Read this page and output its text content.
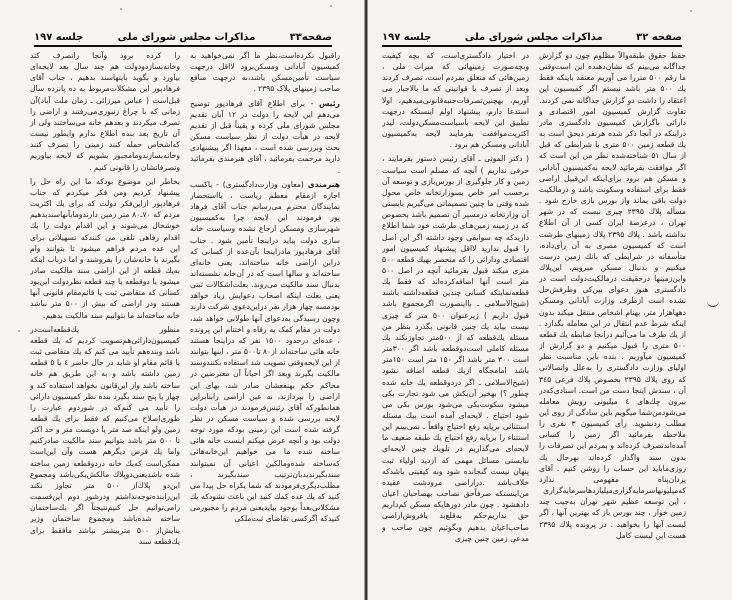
صفحه۳۳
مذاکرات مجلس شورای ملی
جلسه ۱۹۷

راقبول نکرده‌است،نظر ما اگر نمی‌خواهید به کمیسیون آبادانی ومسکن‌برود لااقل درجهت سیاست تأمین‌مسکن باشد،نه درجهت منافع صاحب زمینهای پلاک ۲۳۹۵ .

رئیس - برای اطلاع آقای فرهادپور توضیح می‌دهم این لایحه را دولت در ۱۲ آبان تقدیم مجلس شورای ملی کرده و یقیناً قبل از تقدیم لایحه در هیأت دولت از نظر سیاست مسکن بحث وبررسی شده است ، معهذا اگر پیشنهادی دارید مرحمت بفرمائید ، آقای هنرمندی بفرمائید .

هنرمندی (معاون وزارت‌دادگستری) - باکسب اجازه ازمقام معظم ریاست ، بااستحضار نمایندگان محترم می‌رسانم جناب آقای فرهاد پور فرمودند این لایحه چرا به‌کمیسیون شهرسازی ومسکن ارجاع نشده وسیاست خانه سازی دولت بباید دراینجا تأمین شود . جناب آقای فرهادپور مادراینجا بآن‌عده از کسانی که دراین اراضی خانه ساخته‌اند، یعنی خانه‌ای ساخته‌اند و سالها است که در آن‌خانه نشسته‌اند بدنبال سند مالکیت می‌روند. بعلت‌اشکالات ثبتی یعنی بعلت اینکه اصحاب دعوایش زیاد خواهد بودمسه چهار هزار نفر دراین‌دعوی شرکت دارند وچون رسیدگی به‌دعوای آنها طولانی خواهد شد، دولت در مقام کمک به رفاه و اختتام این پرونده ، عده‌ای درحدود ۱۵۰۰ نفر که دراینجا هستند خانه هائی ساخته‌اند از۸۰ تا۵۰۰ متر ، اینها بتوانند از این لایحه‌وقتی تصویب شد استفاده بکنندوسند مالکیت بگیرند وبعد اگر احیاناً آن معترضین در محاکم حکم بهنفعشان صادر شد، بهای این اراضی را بپردازند، نه عین اراضی رابنابراین همانطورکه آقای رئیس‌فرمودند در هیأت دولت لایحه بررسی شده و سیاست مسکن در نظر گرفته شده است این زمینی بودکه مورد توجه دولت بود و آنچه عرض میکنم اینست خانه هائی ساخته شده ما می خواهیم این‌خانه‌هائی که‌ساخته شده‌ومالکین اعیانی آن نمیتوانند سندبگیرند‌بدبان‌ترتیب سندبگیرند ، مطلب‌دیگری‌فرمودند که شما یکراه حل پیدا می کنید که یك عده کمك کنید این باعث نشودکه یك مشکلاتی‌بعداً بوجود بیایدیعنی مردم را مجبورمی کنیدکه اگرکسی تقاضای ثبت‌ملکی

را کرده برود وآنجا راتصرف کند وخانه‌بسازدودولت هم چند سال بعد لایحه‌ای بیاورد و بگوید بابتهاسند بدهیم ، جناب آقای فرهادپور این مشکلات‌مربوط به ده پانزده سال قبل‌است ( عباس میرزائی ـ زمان ملت آباد)آن زمانی که با چراغ زنبوری‌می‌رفتند و اراضی را تصرف میکردند و بعدهم خانه می‌ساختند ولی از آن تاریخ بعد بنده اطلاع ندارم وایطور نیست که‌اشخاص حمله کنند زمینی را تصرف کنند وخانه‌بسازندومامجبور بشویم که لایحه بیاوریم وتصرفاتشان را قانونی کنیم .

بخاطر این موضوع بودکه ما این راه حل را پیشنهاد کردیم ومن فکر میکردم که جناب فرهادپور ازاین‌فکر دولت که برای یك اکثریت مردم که ۷۰ـ۸۰ متر زمین دارندومابآنهاسندبدهیم خوشحال می‌شوند و این اقدام دولت را یك اقدام رفاهی تلقی می کنندکه تسهیلاتی برای این عده مردم فراهم میشود تا بتوانند وام بگیرند یا خانه‌شان را بفروشند و اما درباب اینکه به‌یك قطعه از این اراضی سند مالکیت صادر میشود یا دوقطعه یا چند قطعه نظردولت این‌بود کسانی که متقاضی ثبت یا قائم‌مقام قانونی آنها هستند ودر اراضی که بیش از ۵۰۰ متر نباشد خانه ساخته‌اند ما بتوانیم سند مالکیت بدهیم.

منظور یك‌قطعه‌است‌در کمیسیون‌دارائی‌هم‌تصویب کردیم که یك قطعه باشد وبنده‌هم تأیید می کنم که یك متقاضی ثبت یا قائم مقام او شاید در حال حاضر ٤ یا ٥ قطعه زمین داشته باشد و به این طریق هم خانه ساخته باشد واز این‌قانون بخواهد استفاده کند و چهار یا پنج سند بگیرد بنده نظر کمیسیون دارائی را تأیید می کنم‌که در شوردوم عبارت را طوری‌اصلاح می‌کنیم که فقط برای یك قطعه زمین ولو اینکه صد متر یا دویست متر و حد اکثر تا ۵۰۰ متر باشد بتوانیم سند مالکیت صادرکنیم واما یك فرض دیگرهم هست وآن این‌است ممکن‌است که‌یك خانه دردوقطعه زمین ساخته شده باشدیعنی‌دوپلاك مالکش‌یکی‌باشد ومجموع این‌دو پلاك‌از ۵۰۰ متر تجاوز نکند این‌رابنده‌توجه‌نداشتم ودرشور دوم این‌قسمت رامی‌توانیم حل کنیم‌نتیجتاً اگر یك‌ساختمان ساخته شده‌باشد ومجموع ساختمان وزیر بنایش‌از ۵۰۰ متربیشتر نباشد مافقط برای یك‌قطعه سند

صفحه ۳۲
مذاکرات مجلس شورای ملی
جلسه ۱۹۷

حفظ حقوق طبقه‌والاً مظلوم چون دو گزارش جداگانه می‌بینم که نشان‌دهنده این است‌وقتی ما رقم ۵۰۰ متررا می آوریم معتقد باینکه فقط یك ۵۰۰ متر باشد نیستم اگر کمیسیون این اعتقاد را داشت دو گزارش جداگانه نمی کردند. تفاوت گزارش کمیسیون امور اقتصادی و دارائی باگزارش کمیسیون دادگستری مادر دراینکه در آنجا ذکر شده هرنفر ذیحق است به یك قطعه زمین ۵۰۰ متری با شرایطی که قبل از سال ۵۱ شناخته‌شده نظر من این است که اگر موافقت بفرمائید لایحه به‌کمیسیون آبادانی و مسکن هم برود برای‌اینکه این‌قبیل اراضی فقط برای استفاده وسکونت باشد و درمالکیت دولت باقی بماند واز بورس بازی خارج شود . مسأله پلاك ۲۳۹۵ چیزی نیست که در شهر تهران ، درعرصهٔ ایران کسی از آن اطلاع نداشته باشد . پلاك ۲۳۹۵ پلاك زمینهای طرشت است که کمیسیون مصری به آن رأی‌داده، متأسفانه در شرایطی که بانك زمین درست میکنیم و بدنبال مسکن میرویم، این‌پلاك واین‌زمینها درحقیقت درمالکیت‌دولت است در دادگستری هنوز دعوای بین‌کی وطرفش‌حل نشده است ازطرف وزارت آبادانی ومسکن دهها‌هزار متر، بهنام اشخاص منتقل میکند بدون اینکه شرط عدم انتقال در این معامله بگذارد . از یك طرف ما می‌آئیم درانجا ضابطه یك قطعه ۵۰۰ متری را قبول میکنیم و دو گزارش از کمیسیون میآوریم . بنده باین مناسبت نظر اولیای وزارت دادگستری را به‌علل واتصالاتی که روی پلاك ۲۳۹۵ بخصوص پلاك فرعی ۳٤۵ آن ، سندش اینجا دست من است. اسنادی‌که‌در بیرون چك‌های ٤ میلیونی رویش معامله می‌شودمن‌شما میگویم باین سادگی از روی این مطلب ردنشوید. رأی کمیسیون ۳ نفری را ملاحظه بفرمائید اگر زمین را کسانی آمده‌اند‌تصرف کرده‌اند و بمردم این تصرفات را بدون سند واگذار کرده‌اند بهرحال یك روزی‌ماباید این حساب را روشن کنیم . آقای یزدان‌پناه مفهومی ندارد که‌میلیونهاسرمایه‌گزاری‌میلیاردهاسرمایه‌گزاری ، این توسعه عظیم شهر تهران به‌جیب چند زمین خوار ، چند بورس باز که بهترین آنها ، اگر لیست آنها را بخواهید . در پرونده پلاك ۲۳۹۵ هست این لیست کامل

در اختیار دادگستری‌است، که بچه کیفیت وبچه‌صورت زمینهائی که میراث ملی ، زمین‌هائی که متعلق بمردم است، تصرف کردند وبعد از تصرف با قوانینی که ما بالاجبار می آوریم، بهچنین‌تصرفات‌جنبه‌قانونی‌میدهیم، اولا استدعا دارم، پیشنهاد اولم اینستکه درجهت تطبیق این لایحه باسیاست‌مسکن‌دولت، لیدر اکثریت‌موافقت بفرمایند لایحه به‌کمیسیون آبادانی ومسکن هم برود .

( دکتر الموتی ـ آقای رئیس دستور بفرمایند ، حرفی نداریم ) آنچه که مسلم است سیاست زمین و کار جلوگیری از بورس‌بازی و توسعه آن برحسب امر خاص بسوزارتخانه خاص محول شده وقتی ما چنین تصمیماتی می‌گیریم بایستی آن وزارتخانه درمسیر آن تصمیم باشد بخصوص که در زمینه زمین‌هـای طرشت خود شما اطلاع داریدکه چه سوابقی وجود داشته اگر این اصل را قبول ندارید لااقل پیشنهاد کمیسیون امور اقتصادی ودارائی را که منحصر بهیك قطعه ۵۰۰ متری میکند قبول بفرمائید آنچه در اصل ۵۰۰ متر است آنها اضافه‌کرده‌اند که فقط یك قطعه‌نمایتکه کسانی چندین قطعه‌داشته باشند (شیخ‌الاسلامی ـ بااینصورت اگرمجموع باشد قبول داریم ) زیرعنوان ۵۰۰ متر که چیزی نیست بیاید یك چنین قانونی بگذرد بنظر من مسئله یك‌قطعه که از ۵۰۰متر تجاوزنکند یك مسئله کاملی است‌دوقطعه باشد اگر ۳۰۰متر است ۳۰۰ متر باشد اگر ۱۵۰ متر است ۱۵۰متر باشد امامجگاه ازیك قطعه اضافه نشود (شیخ‌الاسلامی ـ اگر دردوقطعه یك خانه شده چطور ؟) بهخیر آن‌بکش می شود تجارت بکی میشود سکونت‌بکی می‌شود بورس بکی می شود احتیاج . لایحه‌ای آمده است بیك مسئله استثنائی برپایه رفع احتیاج واقعاً ـ نمی‌بینم این استثناء را برپایه رفع احتیاج یك طبقه ضعیف ما لایحه‌ای می‌گذاریم در تلویك چنین لایحه‌ای نبایستی مسائل مهمی که ازدید اولیاء ثبت پنهان نیست گنجانده شود وبه کیفیتی باشدکه خلاف‌باشد .دراراضی مرودشت عقیده من‌اینستکه صرفاًحق تصاحب بهصاحبان اعیان دادهشود . چون مادر دورهایکه مسکن کم‌داریم حق نداریم‌حکم به‌قلع‌بد یافروش‌اراضی صاحب‌اعیان بدهیم وبگوئیم چون صاحب و مدعی زمین چنین چیزی
